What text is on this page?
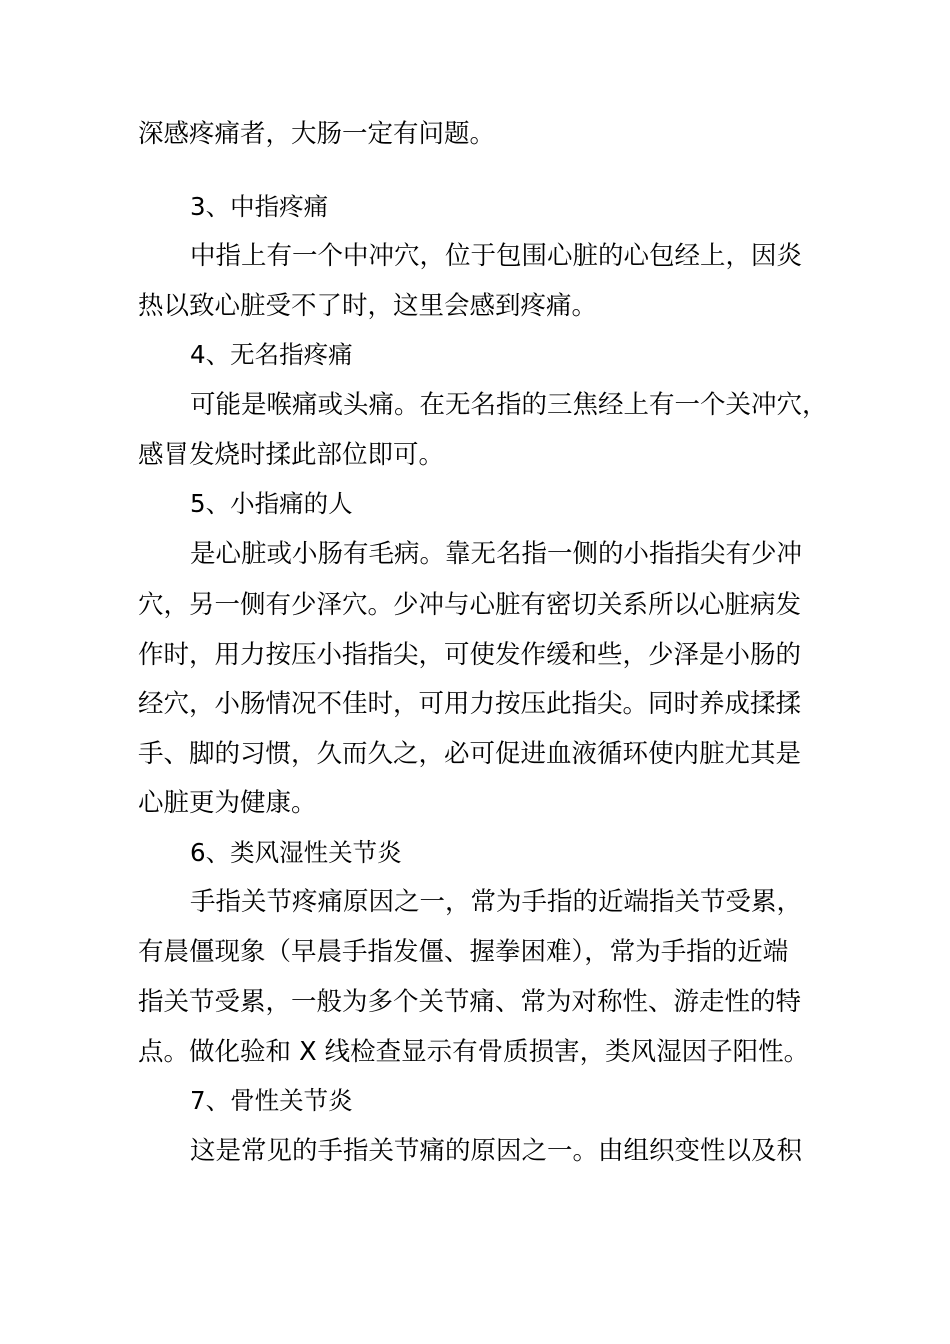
深感疼痛者，大肠一定有问题。
3、中指疼痛
中指上有一个中冲穴，位于包围心脏的心包经上，因炎
热以致心脏受不了时，这里会感到疼痛。
4、无名指疼痛
可能是喉痛或头痛。在无名指的三焦经上有一个关冲穴，
感冒发烧时揉此部位即可。
5、小指痛的人
是心脏或小肠有毛病。靠无名指一侧的小指指尖有少冲
穴，另一侧有少泽穴。少冲与心脏有密切关系所以心脏病发
作时，用力按压小指指尖，可使发作缓和些，少泽是小肠的
经穴，小肠情况不佳时，可用力按压此指尖。同时养成揉揉
手、脚的习惯，久而久之，必可促进血液循环使内脏尤其是
心脏更为健康。
6、类风湿性关节炎
手指关节疼痛原因之一，常为手指的近端指关节受累，
有晨僵现象（早晨手指发僵、握拳困难），常为手指的近端
指关节受累，一般为多个关节痛、常为对称性、游走性的特
点。做化验和 X 线检查显示有骨质损害，类风湿因子阳性。
7、骨性关节炎
这是常见的手指关节痛的原因之一。由组织变性以及积
